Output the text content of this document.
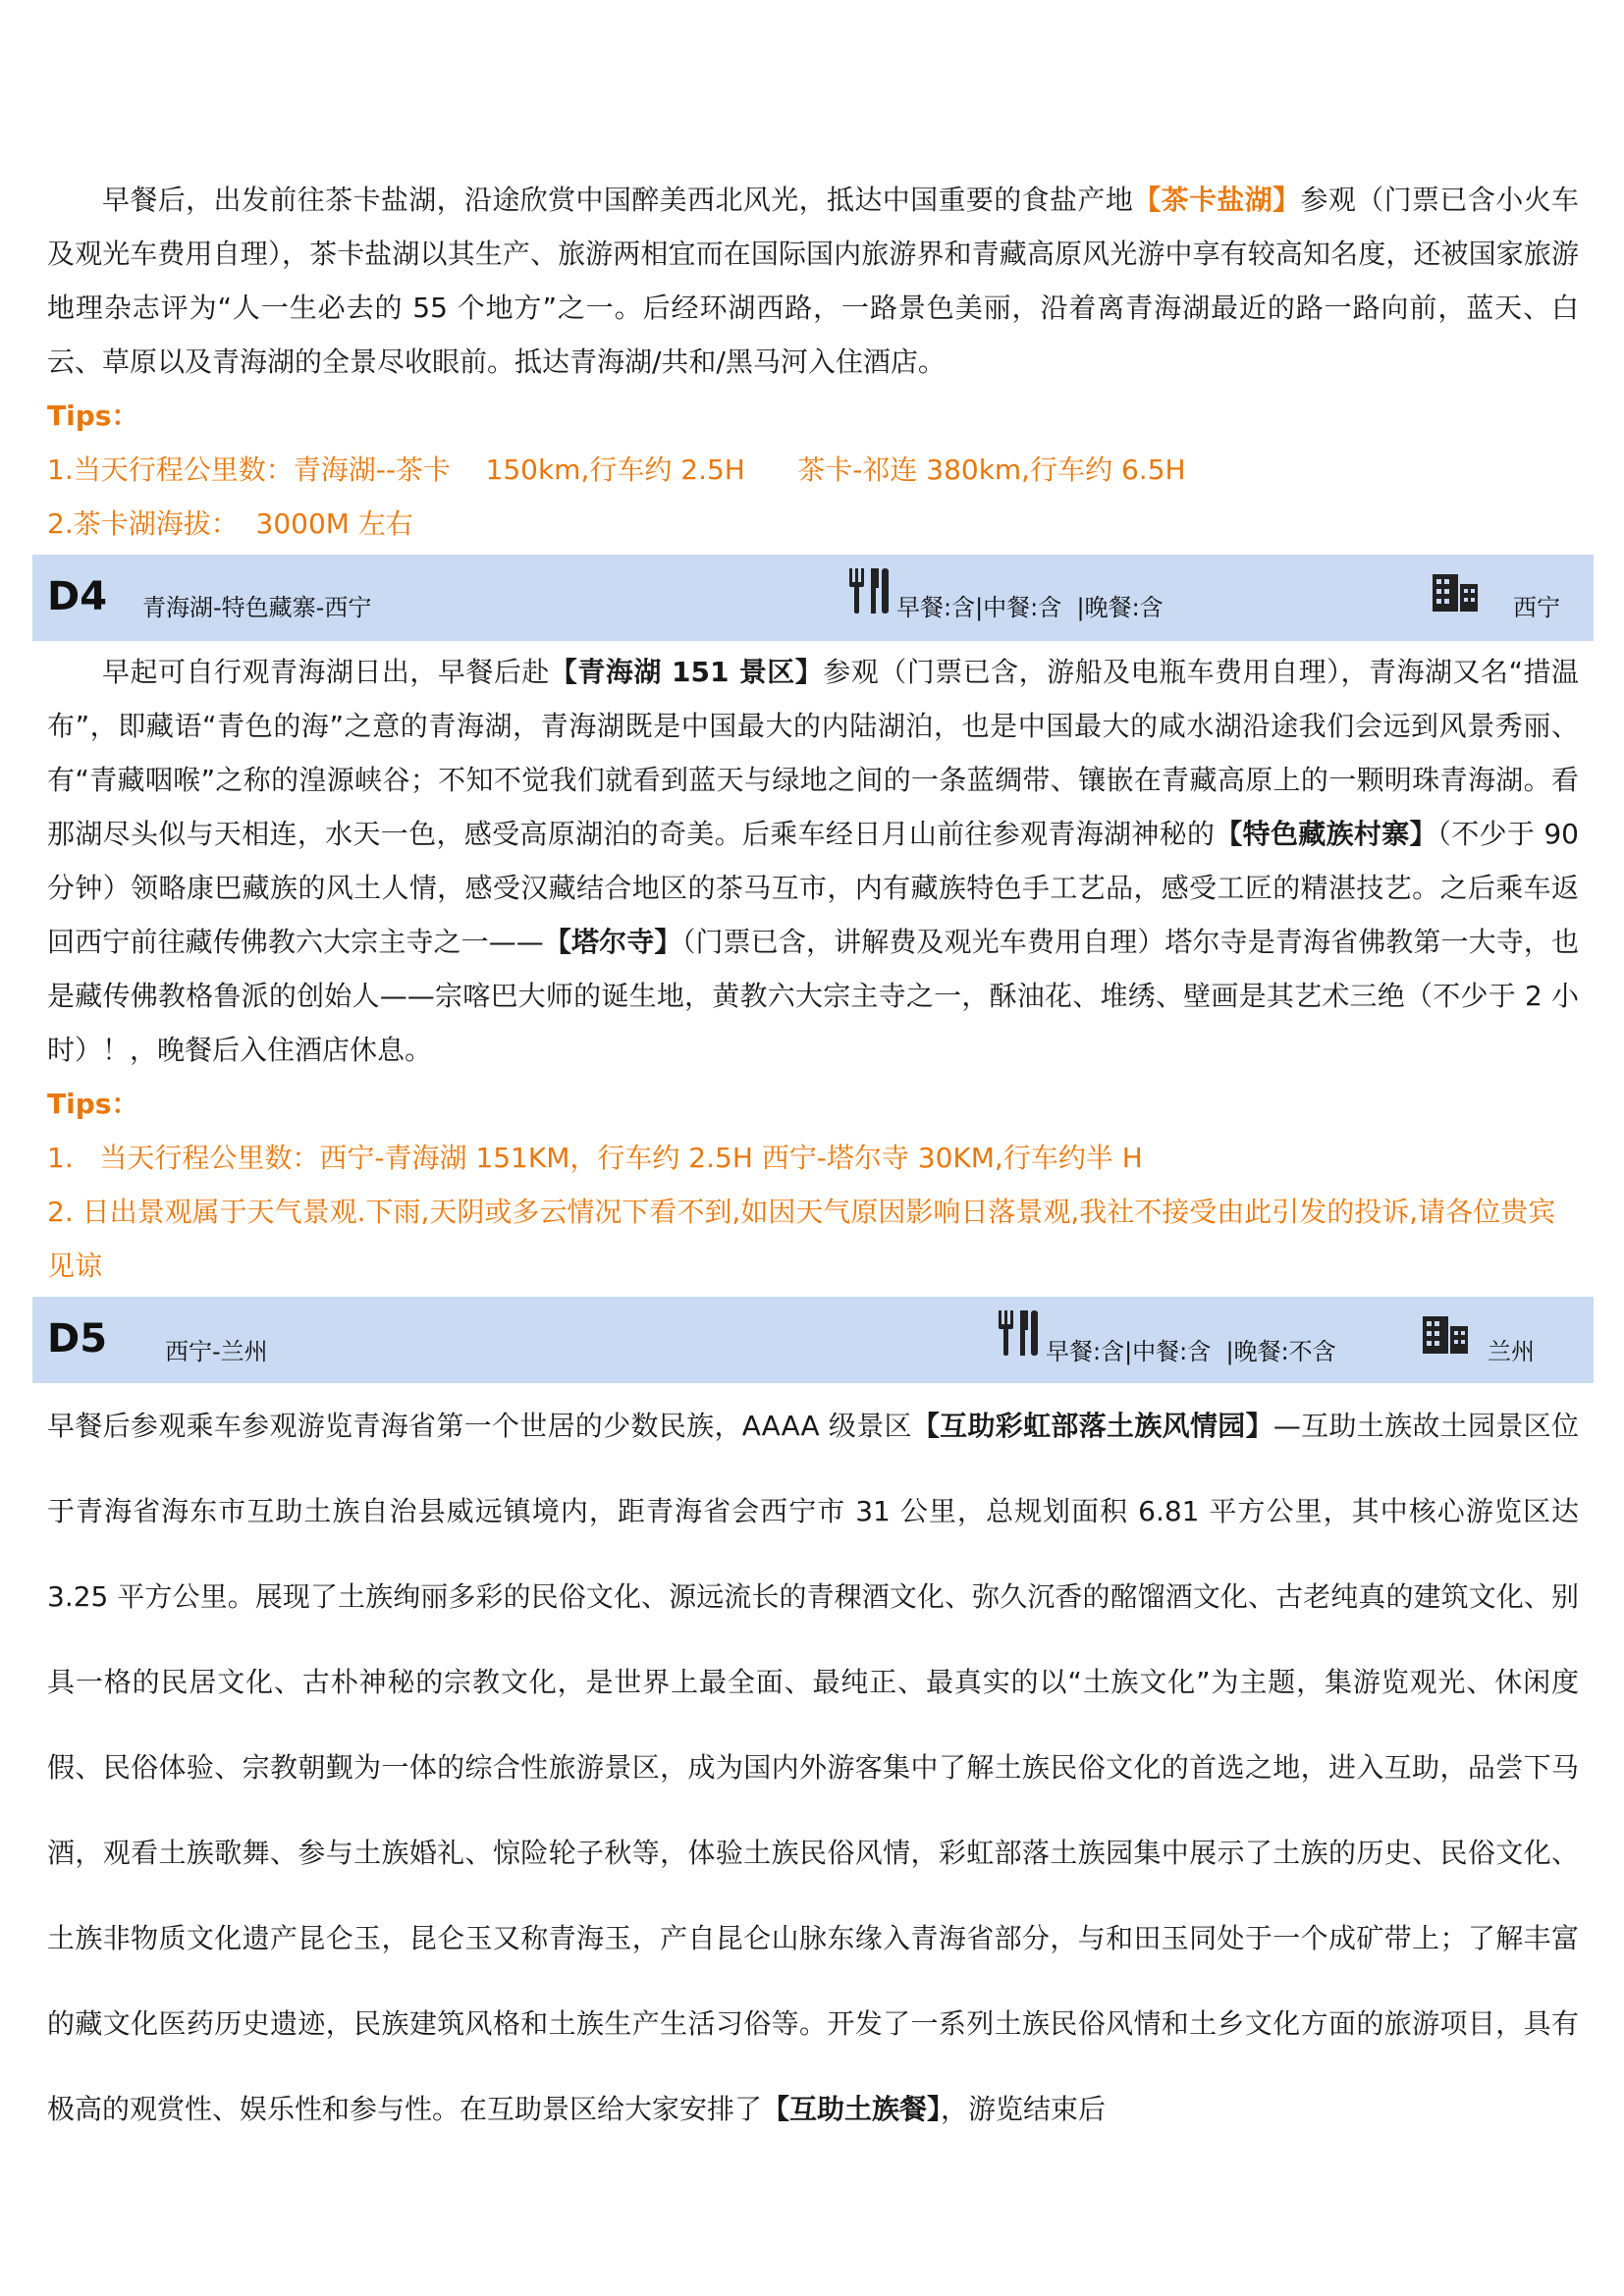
早餐后，出发前往茶卡盐湖，沿途欣赏中国醉美西北风光，抵达中国重要的食盐产地【茶卡盐湖】参观（门票已含小火车及观光车费用自理），茶卡盐湖以其生产、旅游两相宜而在国际国内旅游界和青藏高原风光游中享有较高知名度，还被国家旅游地理杂志评为“人一生必去的 55 个地方”之一。后经环湖西路，一路景色美丽，沿着离青海湖最近的路一路向前，蓝天、白云、草原以及青海湖的全景尽收眼前。抵达青海湖/共和/黑马河入住酒店。

Tips：

1.当天行程公里数：青海湖--茶卡    150km,行车约 2.5H      茶卡-祁连 380km,行车约 6.5H

2.茶卡湖海拔：  3000M 左右

D4 青海湖-特色藏寨-西宁	早餐:含|中餐:含  |晚餐:含	西宁

早起可自行观青海湖日出，早餐后赴【青海湖 151 景区】参观（门票已含，游船及电瓶车费用自理），青海湖又名“措温布”，即藏语“青色的海”之意的青海湖，青海湖既是中国最大的内陆湖泊，也是中国最大的咸水湖沿途我们会远到风景秀丽、有“青藏咽喉”之称的湟源峡谷；不知不觉我们就看到蓝天与绿地之间的一条蓝绸带、镶嵌在青藏高原上的一颗明珠青海湖。看那湖尽头似与天相连，水天一色，感受高原湖泊的奇美。后乘车经日月山前往参观青海湖神秘的【特色藏族村寨】（不少于 90 分钟）领略康巴藏族的风土人情，感受汉藏结合地区的茶马互市，内有藏族特色手工艺品，感受工匠的精湛技艺。之后乘车返回西宁前往藏传佛教六大宗主寺之一——【塔尔寺】（门票已含，讲解费及观光车费用自理）塔尔寺是青海省佛教第一大寺，也是藏传佛教格鲁派的创始人——宗喀巴大师的诞生地，黄教六大宗主寺之一，酥油花、堆绣、壁画是其艺术三绝（不少于 2 小时）！，晚餐后入住酒店休息。

Tips：

1.   当天行程公里数：西宁-青海湖 151KM，行车约 2.5H 西宁-塔尔寺 30KM,行车约半 H

2. 日出景观属于天气景观.下雨,天阴或多云情况下看不到,如因天气原因影响日落景观,我社不接受由此引发的投诉,请各位贵宾见谅

D5 西宁-兰州	早餐:含|中餐:含  |晚餐:不含	兰州

早餐后参观乘车参观游览青海省第一个世居的少数民族，AAAA 级景区【互助彩虹部落土族风情园】—互助土族故土园景区位于青海省海东市互助土族自治县威远镇境内，距青海省会西宁市 31 公里，总规划面积 6.81 平方公里，其中核心游览区达 3.25 平方公里。展现了土族绚丽多彩的民俗文化、源远流长的青稞酒文化、弥久沉香的酩馏酒文化、古老纯真的建筑文化、别具一格的民居文化、古朴神秘的宗教文化，是世界上最全面、最纯正、最真实的以“土族文化”为主题，集游览观光、休闲度假、民俗体验、宗教朝觐为一体的综合性旅游景区，成为国内外游客集中了解土族民俗文化的首选之地，进入互助，品尝下马酒，观看土族歌舞、参与土族婚礼、惊险轮子秋等，体验土族民俗风情，彩虹部落土族园集中展示了土族的历史、民俗文化、土族非物质文化遗产昆仑玉，昆仑玉又称青海玉，产自昆仑山脉东缘入青海省部分，与和田玉同处于一个成矿带上；了解丰富的藏文化医药历史遗迹，民族建筑风格和土族生产生活习俗等。开发了一系列土族民俗风情和土乡文化方面的旅游项目，具有极高的观赏性、娱乐性和参与性。在互助景区给大家安排了【互助土族餐】，游览结束后
